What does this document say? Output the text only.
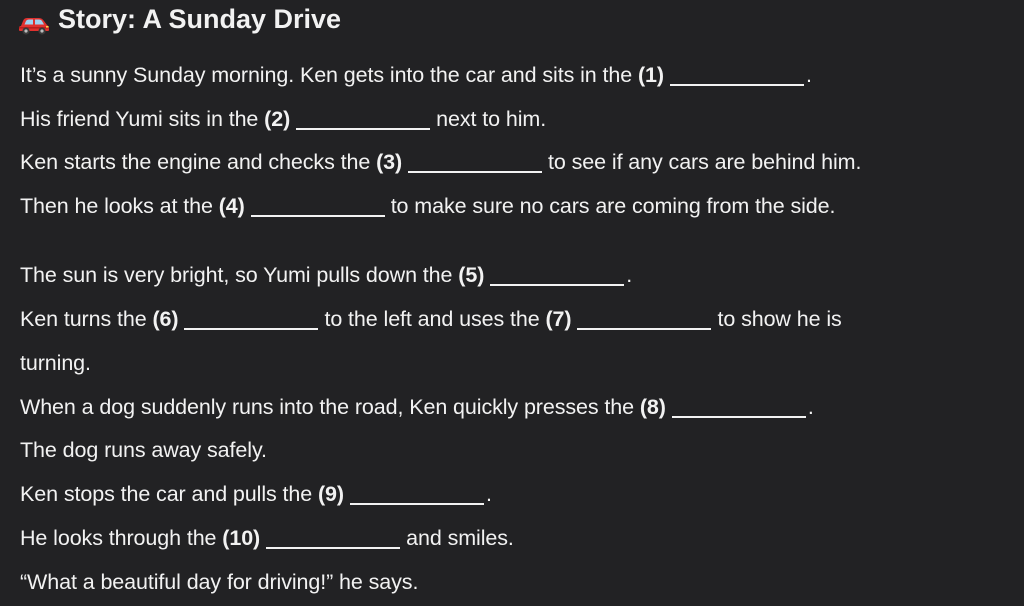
Story: A Sunday Drive
It’s a sunny Sunday morning. Ken gets into the car and sits in the (1)	.
His friend Yumi sits in the (2)	next to him.
Ken starts the engine and checks the (3)	to see if any cars are behind him.
Then he looks at the (4)	to make sure no cars are coming from the side.
The sun is very bright, so Yumi pulls down the (5)	.
Ken turns the (6)	to the left and uses the (7)	to show he is
turning.
When a dog suddenly runs into the road, Ken quickly presses the (8)	.
The dog runs away safely.
Ken stops the car and pulls the (9)	.
He looks through the (10)	and smiles.
“What a beautiful day for driving!” he says.
